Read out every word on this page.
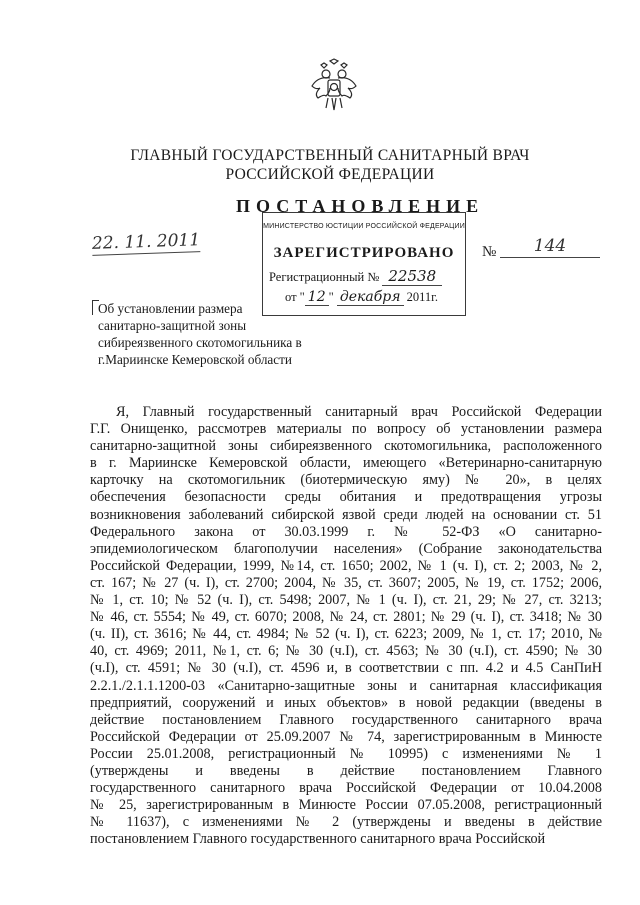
ГЛАВНЫЙ ГОСУДАРСТВЕННЫЙ САНИТАРНЫЙ ВРАЧ
РОССИЙСКОЙ ФЕДЕРАЦИИ
ПОСТАНОВЛЕНИЕ
22. 11. 2011	№	144
МИНИСТЕРСТВО ЮСТИЦИИ РОССИЙСКОЙ ФЕДЕРАЦИИ
ЗАРЕГИСТРИРОВАНО
Регистрационный № 22538
от " 12 " декабря 2011г.
Об установлении размера
санитарно-защитной зоны
сибиреязвенного скотомогильника в
г.Мариинске Кемеровской области
Я, Главный государственный санитарный врач Российской Федерации
Г.Г. Онищенко, рассмотрев материалы по вопросу об установлении размера
санитарно-защитной зоны сибиреязвенного скотомогильника, расположенного
в г. Мариинске Кемеровской области, имеющего «Ветеринарно-санитарную
карточку на скотомогильник (биотермическую яму) № 20», в целях
обеспечения безопасности среды обитания и предотвращения угрозы
возникновения заболеваний сибирской язвой среди людей на основании ст. 51
Федерального закона от 30.03.1999 г. № 52-ФЗ «О санитарно-
эпидемиологическом благополучии населения» (Собрание законодательства
Российской Федерации, 1999, №14, ст. 1650; 2002, № 1 (ч. I), ст. 2; 2003, № 2,
ст. 167; № 27 (ч. I), ст. 2700; 2004, № 35, ст. 3607; 2005, № 19, ст. 1752; 2006,
№ 1, ст. 10; № 52 (ч. I), ст. 5498; 2007, № 1 (ч. I), ст. 21, 29; № 27, ст. 3213;
№ 46, ст. 5554; № 49, ст. 6070; 2008, № 24, ст. 2801; № 29 (ч. I), ст. 3418; № 30
(ч. II), ст. 3616; № 44, ст. 4984; № 52 (ч. I), ст. 6223; 2009, № 1, ст. 17; 2010, №
40, ст. 4969; 2011, №1, ст. 6; № 30 (ч.I), ст. 4563; № 30 (ч.I), ст. 4590; № 30
(ч.I), ст. 4591; № 30 (ч.I), ст. 4596 и, в соответствии с пп. 4.2 и 4.5 СанПиН
2.2.1./2.1.1.1200-03 «Санитарно-защитные зоны и санитарная классификация
предприятий, сооружений и иных объектов» в новой редакции (введены в
действие постановлением Главного государственного санитарного врача
Российской Федерации от 25.09.2007 № 74, зарегистрированным в Минюсте
России 25.01.2008, регистрационный № 10995) с изменениями № 1
(утверждены и введены в действие постановлением Главного
государственного санитарного врача Российской Федерации от 10.04.2008
№ 25, зарегистрированным в Минюсте России 07.05.2008, регистрационный
№ 11637), с изменениями № 2 (утверждены и введены в действие
постановлением Главного государственного санитарного врача Российской
